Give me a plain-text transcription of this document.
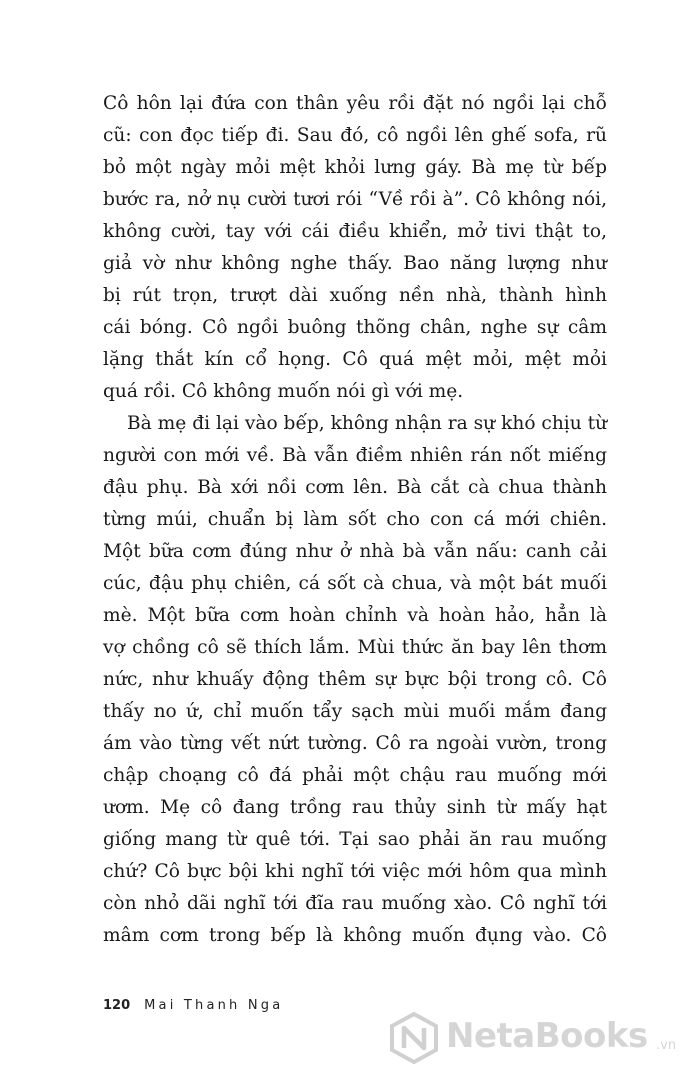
Cô hôn lại đứa con thân yêu rồi đặt nó ngồi lại chỗ
cũ: con đọc tiếp đi. Sau đó, cô ngồi lên ghế sofa, rũ
bỏ một ngày mỏi mệt khỏi lưng gáy. Bà mẹ từ bếp
bước ra, nở nụ cười tươi rói “Về rồi à”. Cô không nói,
không cười, tay với cái điều khiển, mở tivi thật to,
giả vờ như không nghe thấy. Bao năng lượng như
bị rút trọn, trượt dài xuống nền nhà, thành hình
cái bóng. Cô ngồi buông thõng chân, nghe sự câm
lặng thắt kín cổ họng. Cô quá mệt mỏi, mệt mỏi
quá rồi. Cô không muốn nói gì với mẹ.
Bà mẹ đi lại vào bếp, không nhận ra sự khó chịu từ
người con mới về. Bà vẫn điềm nhiên rán nốt miếng
đậu phụ. Bà xới nồi cơm lên. Bà cắt cà chua thành
từng múi, chuẩn bị làm sốt cho con cá mới chiên.
Một bữa cơm đúng như ở nhà bà vẫn nấu: canh cải
cúc, đậu phụ chiên, cá sốt cà chua, và một bát muối
mè. Một bữa cơm hoàn chỉnh và hoàn hảo, hẳn là
vợ chồng cô sẽ thích lắm. Mùi thức ăn bay lên thơm
nức, như khuấy động thêm sự bực bội trong cô. Cô
thấy no ứ, chỉ muốn tẩy sạch mùi muối mắm đang
ám vào từng vết nứt tường. Cô ra ngoài vườn, trong
chập choạng cô đá phải một chậu rau muống mới
ươm. Mẹ cô đang trồng rau thủy sinh từ mấy hạt
giống mang từ quê tới. Tại sao phải ăn rau muống
chứ? Cô bực bội khi nghĩ tới việc mới hôm qua mình
còn nhỏ dãi nghĩ tới đĩa rau muống xào. Cô nghĩ tới
mâm cơm trong bếp là không muốn đụng vào. Cô
120 Mai Thanh Nga
NetaBooks .vn
